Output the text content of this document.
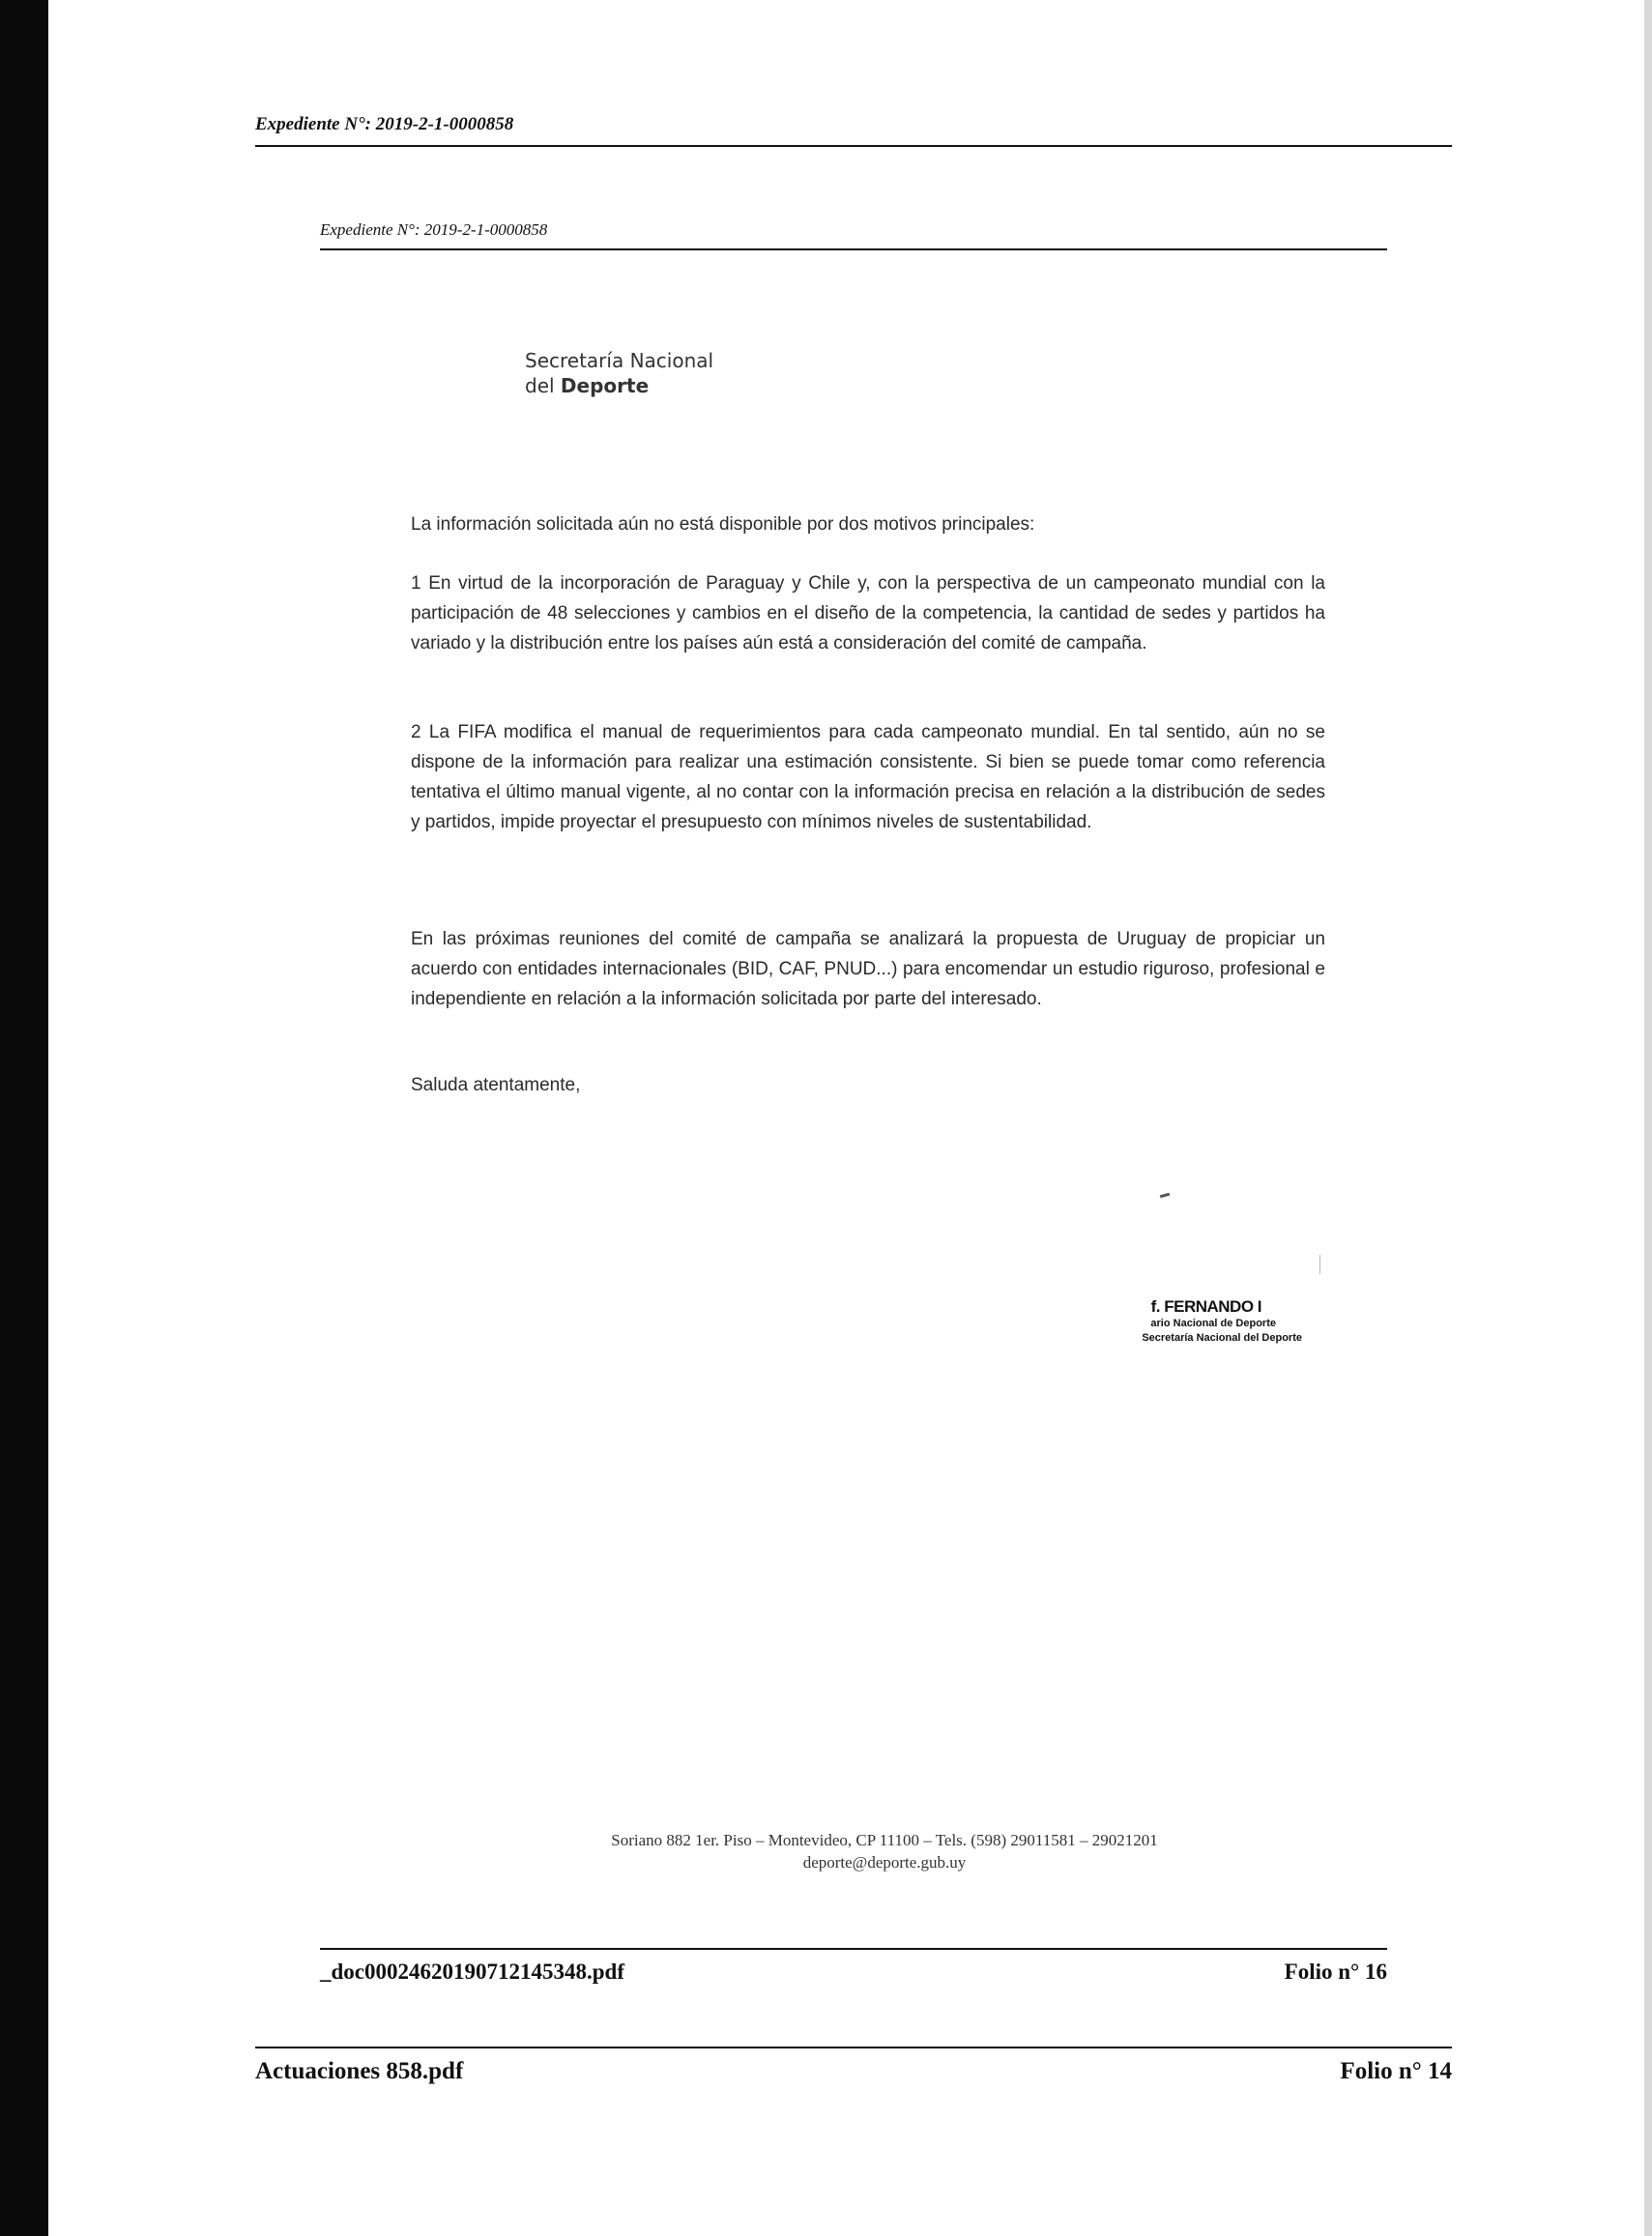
Expediente N°: 2019-2-1-0000858
Expediente N°: 2019-2-1-0000858
Secretaría Nacional
del Deporte
La información solicitada aún no está disponible por dos motivos principales:
1 En virtud de la incorporación de Paraguay y Chile y, con la perspectiva de un campeonato mundial con la participación de 48 selecciones y cambios en el diseño de la competencia, la cantidad de sedes y partidos ha variado y la distribución entre los países aún está a consideración del comité de campaña.
2 La FIFA modifica el manual de requerimientos para cada campeonato mundial. En tal sentido, aún no se dispone de la información para realizar una estimación consistente. Si bien se puede tomar como referencia tentativa el último manual vigente, al no contar con la información precisa en relación a la distribución de sedes y partidos, impide proyectar el presupuesto con mínimos niveles de sustentabilidad.
En las próximas reuniones del comité de campaña se analizará la propuesta de Uruguay de propiciar un acuerdo con entidades internacionales (BID, CAF, PNUD...) para encomendar un estudio riguroso, profesional e independiente en relación a la información solicitada por parte del interesado.
Saluda atentamente,
f. FERNANDO I
ario Nacional de Deporte
Secretaría Nacional del Deporte
Soriano 882 1er. Piso – Montevideo, CP 11100 – Tels. (598) 29011581 – 29021201
deporte@deporte.gub.uy
_doc00024620190712145348.pdf	Folio n° 16
Actuaciones 858.pdf	Folio n° 14
